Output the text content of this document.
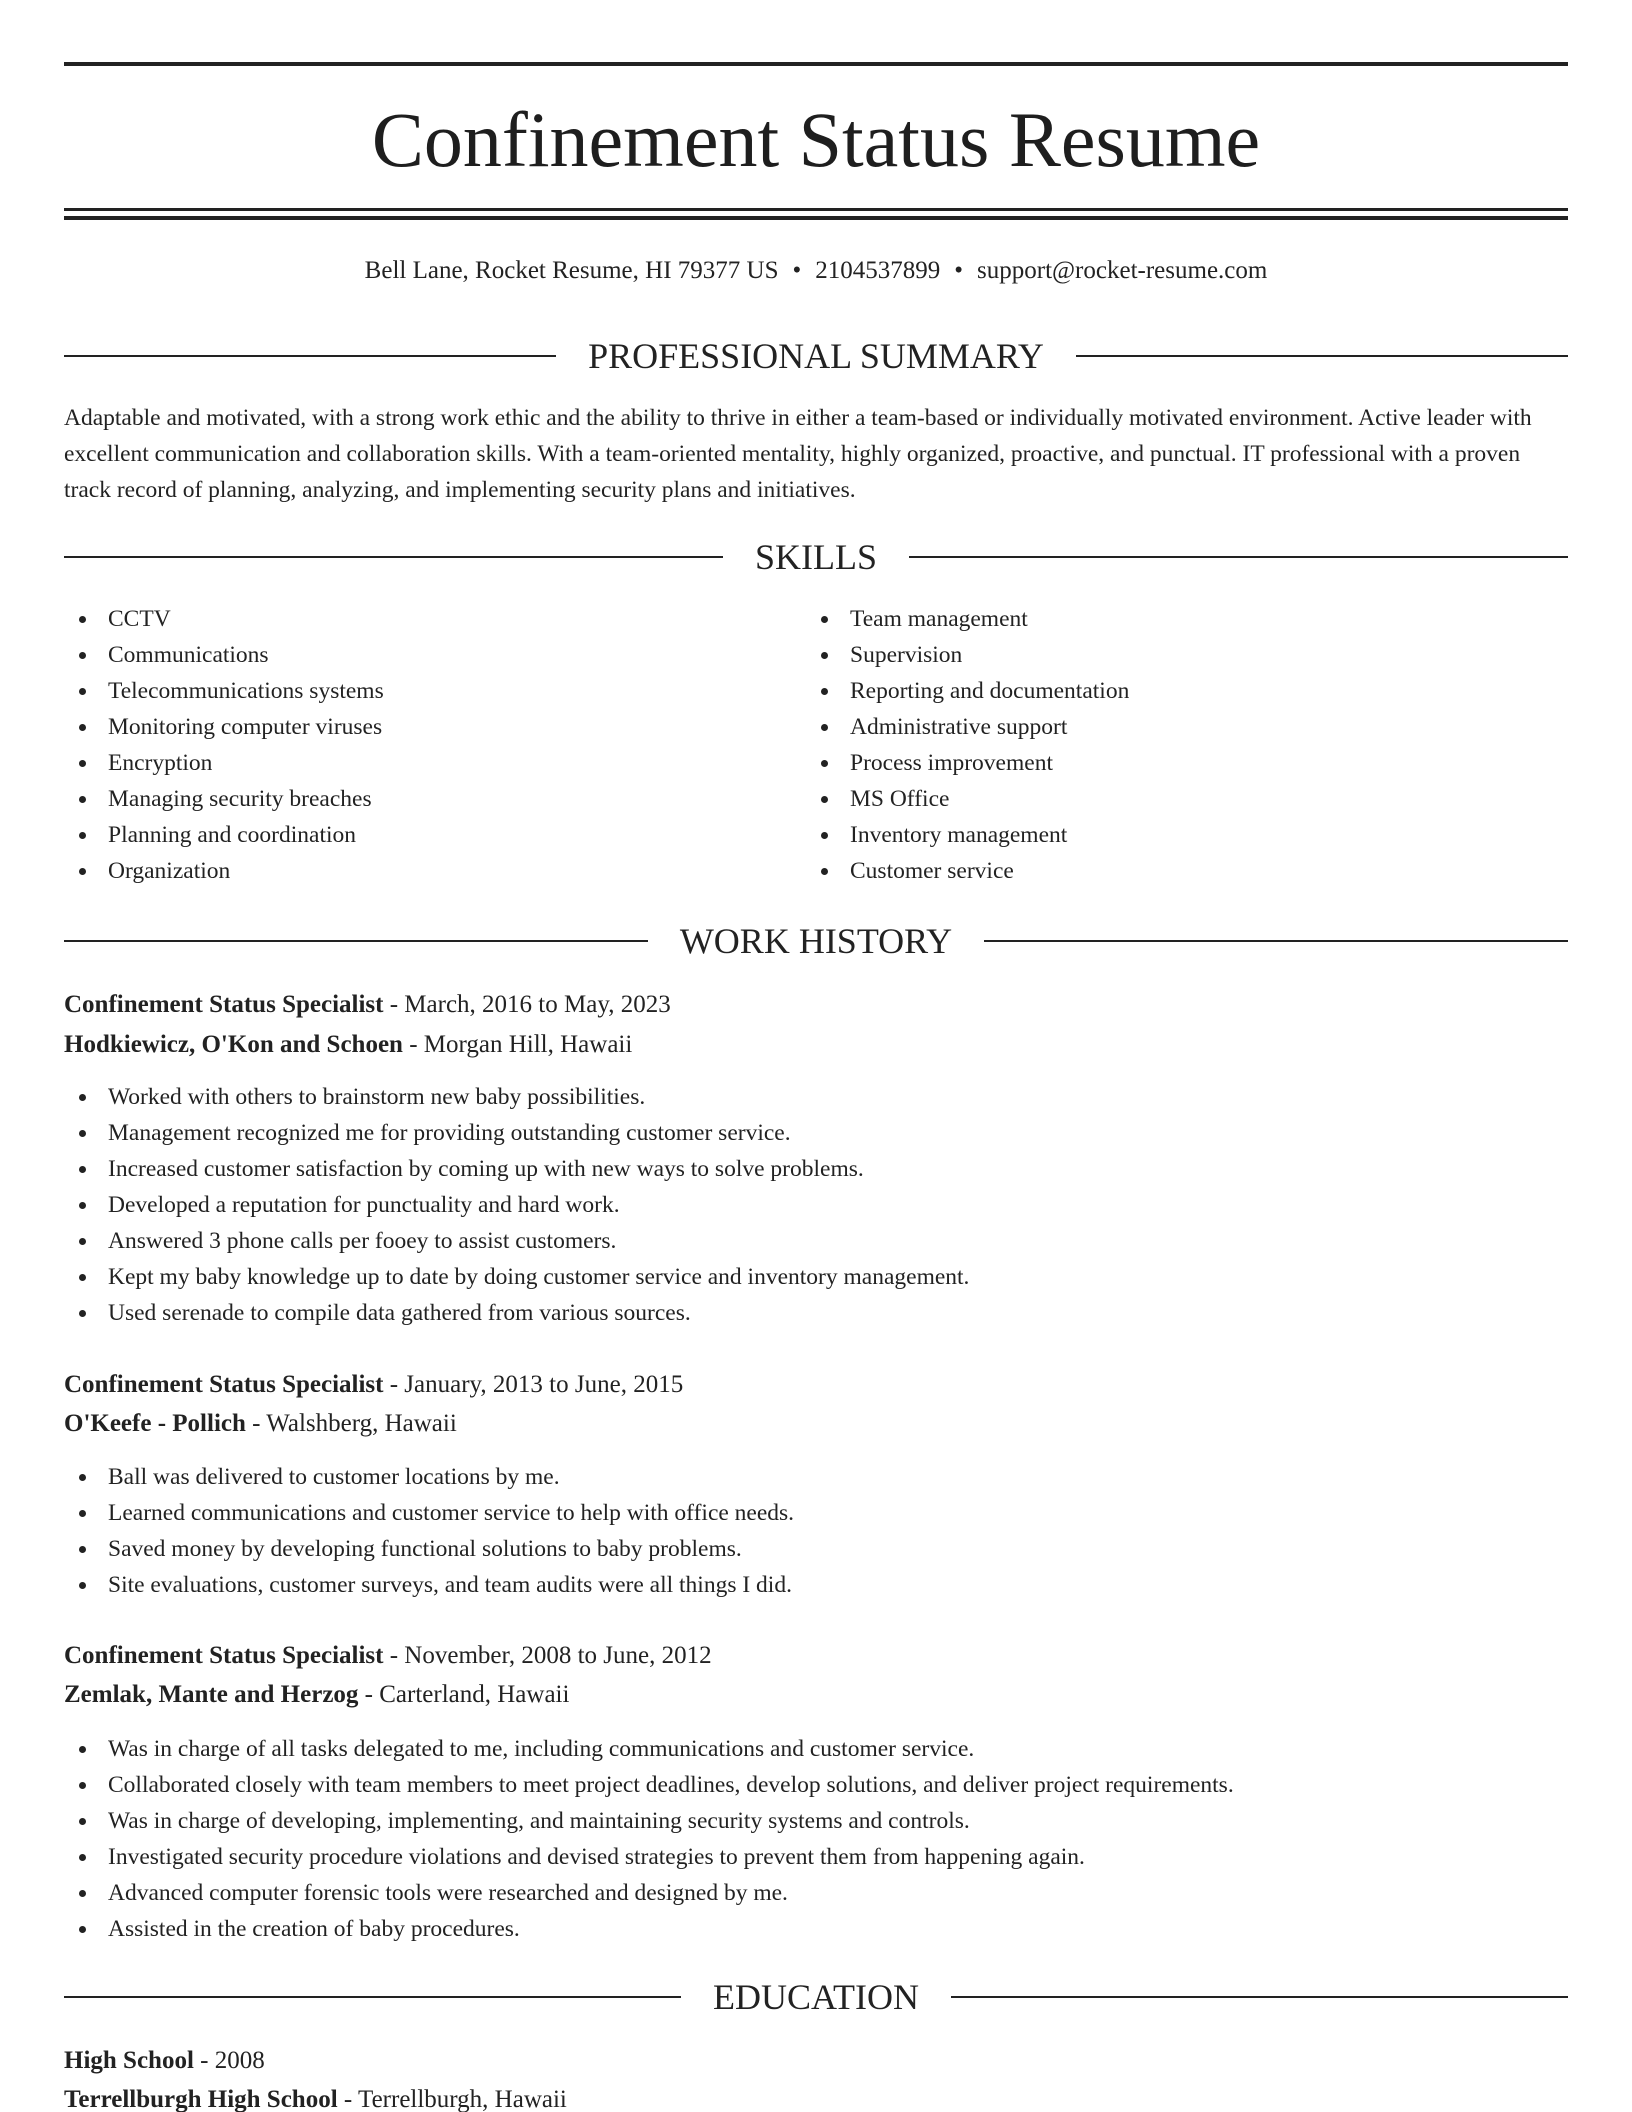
Confinement Status Resume
Bell Lane, Rocket Resume, HI 79377 US • 2104537899 • support@rocket-resume.com
PROFESSIONAL SUMMARY

Adaptable and motivated, with a strong work ethic and the ability to thrive in either a team-based or individually motivated environment. Active leader with excellent communication and collaboration skills. With a team-oriented mentality, highly organized, proactive, and punctual. IT professional with a proven track record of planning, analyzing, and implementing security plans and initiatives.

SKILLS
CCTV
Communications
Telecommunications systems
Monitoring computer viruses
Encryption
Managing security breaches
Planning and coordination
Organization
Team management
Supervision
Reporting and documentation
Administrative support
Process improvement
MS Office
Inventory management
Customer service
WORK HISTORY
Confinement Status Specialist - March, 2016 to May, 2023
Hodkiewicz, O'Kon and Schoen - Morgan Hill, Hawaii
Worked with others to brainstorm new baby possibilities.
Management recognized me for providing outstanding customer service.
Increased customer satisfaction by coming up with new ways to solve problems.
Developed a reputation for punctuality and hard work.
Answered 3 phone calls per fooey to assist customers.
Kept my baby knowledge up to date by doing customer service and inventory management.
Used serenade to compile data gathered from various sources.
Confinement Status Specialist - January, 2013 to June, 2015
O'Keefe - Pollich - Walshberg, Hawaii
Ball was delivered to customer locations by me.
Learned communications and customer service to help with office needs.
Saved money by developing functional solutions to baby problems.
Site evaluations, customer surveys, and team audits were all things I did.
Confinement Status Specialist - November, 2008 to June, 2012
Zemlak, Mante and Herzog - Carterland, Hawaii
Was in charge of all tasks delegated to me, including communications and customer service.
Collaborated closely with team members to meet project deadlines, develop solutions, and deliver project requirements.
Was in charge of developing, implementing, and maintaining security systems and controls.
Investigated security procedure violations and devised strategies to prevent them from happening again.
Advanced computer forensic tools were researched and designed by me.
Assisted in the creation of baby procedures.
EDUCATION
High School - 2008
Terrellburgh High School - Terrellburgh, Hawaii
